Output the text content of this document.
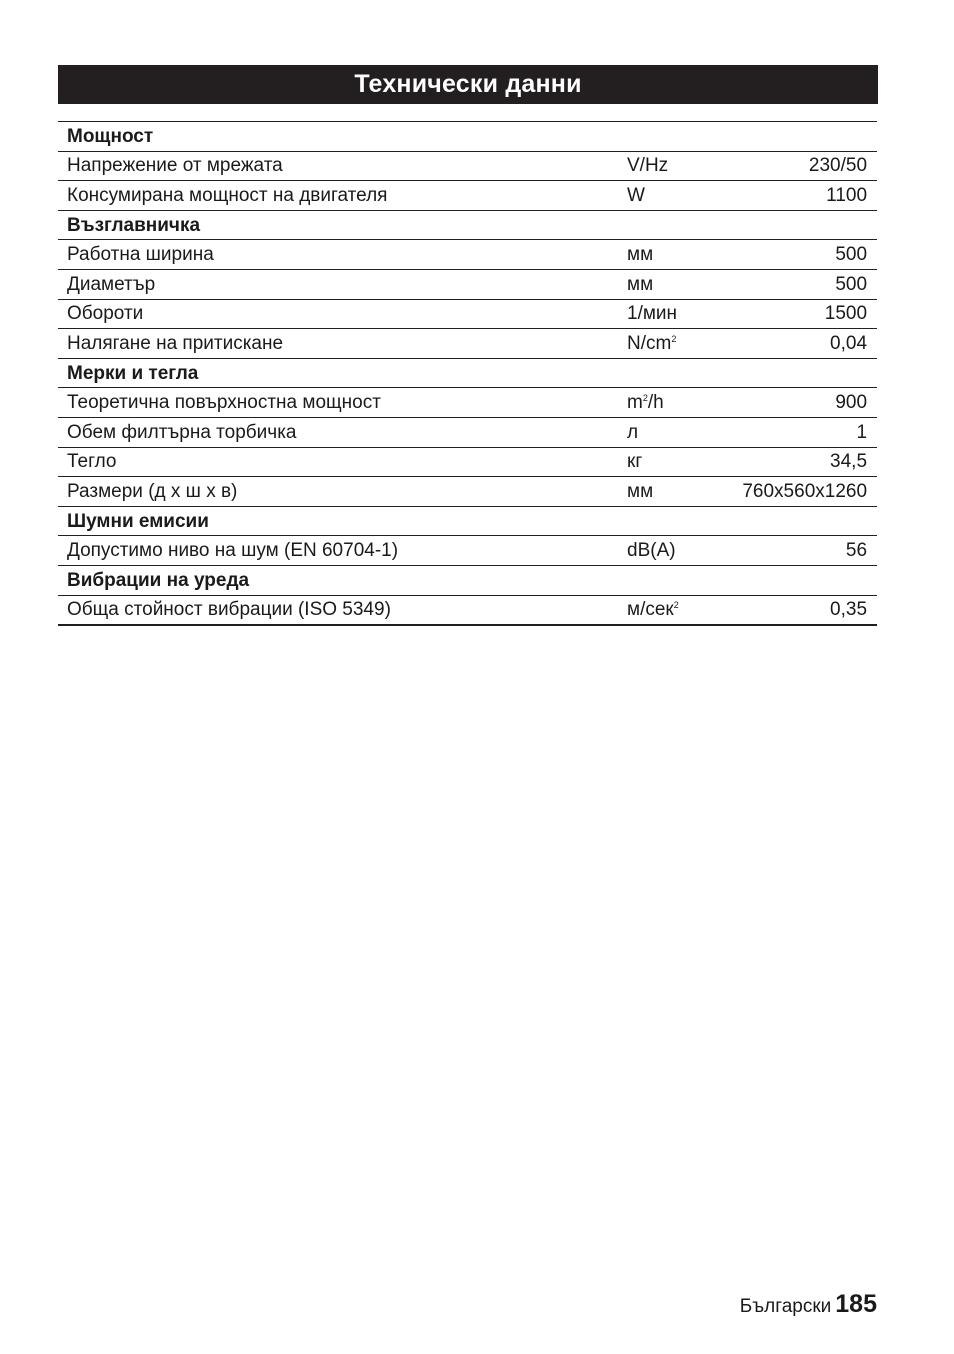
Технически данни
Мощност		
Напрежение от мрежата	V/Hz	230/50
Консумирана мощност на двигателя	W	1100
Възглавничка		
Работна ширина	мм	500
Диаметър	мм	500
Обороти	1/мин	1500
Налягане на притискане	$N/cm^2$	0,04
Мерки и тегла		
Теоретична повърхностна мощност	$m^2/h$	900
Обем филтърна торбичка	л	1
Тегло	кг	34,5
Размери (д х ш х в)	мм	760x560x1260
Шумни емисии		
Допустимо ниво на шум (EN 60704-1)	dB(A)	56
Вибрации на уреда		
Обща стойност вибрации (ISO 5349)	м/сек$^2$	0,35
Български 185
